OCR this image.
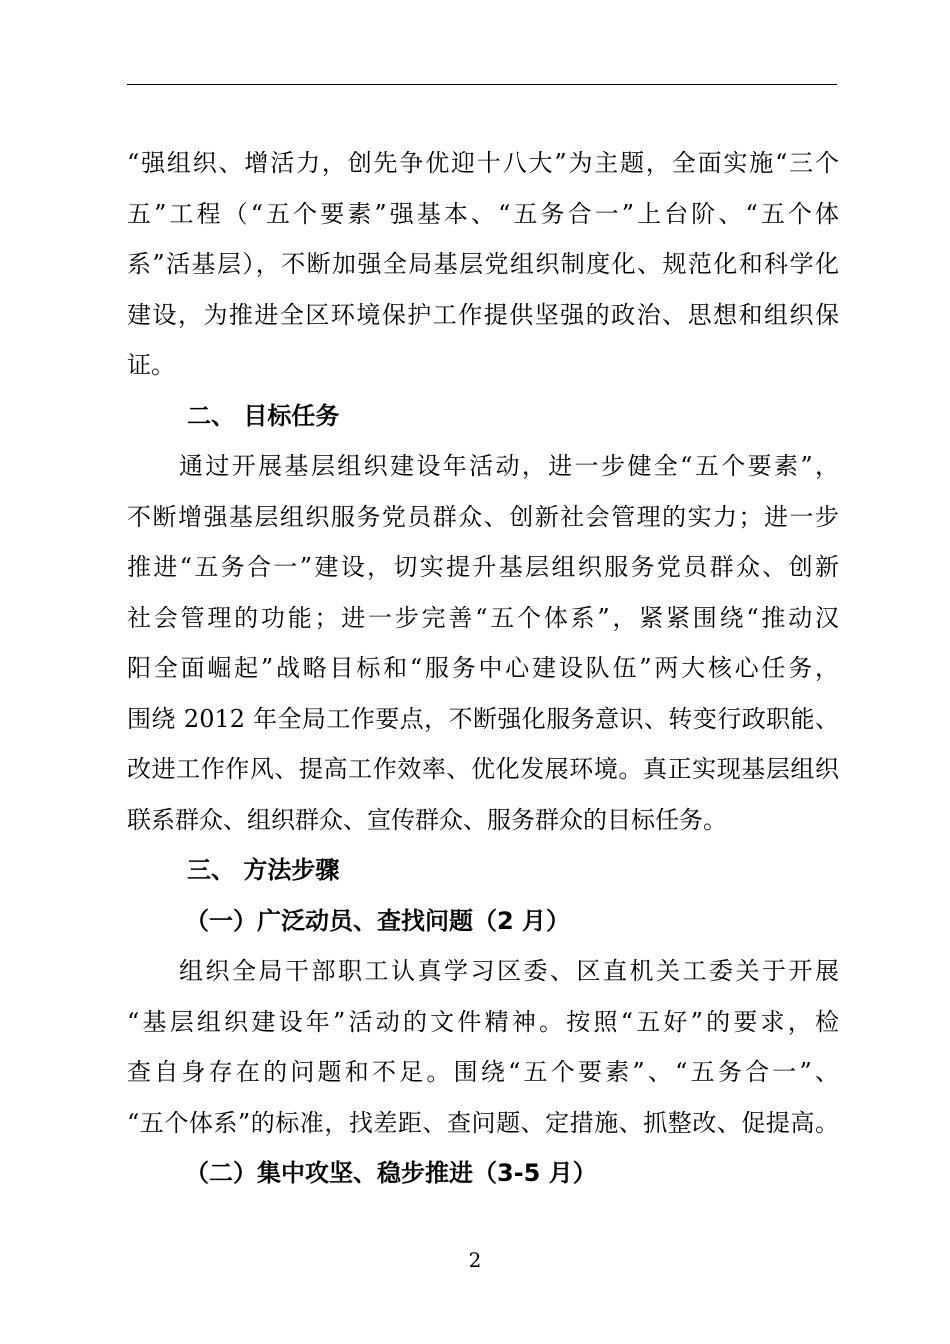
“强组织、增活力，创先争优迎十八大”为主题，全面实施“三个
五”工程（“五个要素”强基本、“五务合一”上台阶、“五个体
系”活基层），不断加强全局基层党组织制度化、规范化和科学化
建设，为推进全区环境保护工作提供坚强的政治、思想和组织保
证。
二、 目标任务
通过开展基层组织建设年活动，进一步健全“五个要素”，
不断增强基层组织服务党员群众、创新社会管理的实力；进一步
推进“五务合一”建设，切实提升基层组织服务党员群众、创新
社会管理的功能；进一步完善“五个体系”，紧紧围绕“推动汉
阳全面崛起”战略目标和“服务中心建设队伍”两大核心任务，
围绕 2012 年全局工作要点，不断强化服务意识、转变行政职能、
改进工作作风、提高工作效率、优化发展环境。真正实现基层组织
联系群众、组织群众、宣传群众、服务群众的目标任务。
三、 方法步骤
（一）广泛动员、查找问题（2 月）
组织全局干部职工认真学习区委、区直机关工委关于开展
“基层组织建设年”活动的文件精神。按照“五好”的要求，检
查自身存在的问题和不足。围绕“五个要素”、“五务合一”、
“五个体系”的标准，找差距、查问题、定措施、抓整改、促提高。
（二）集中攻坚、稳步推进（3-5 月）
2
